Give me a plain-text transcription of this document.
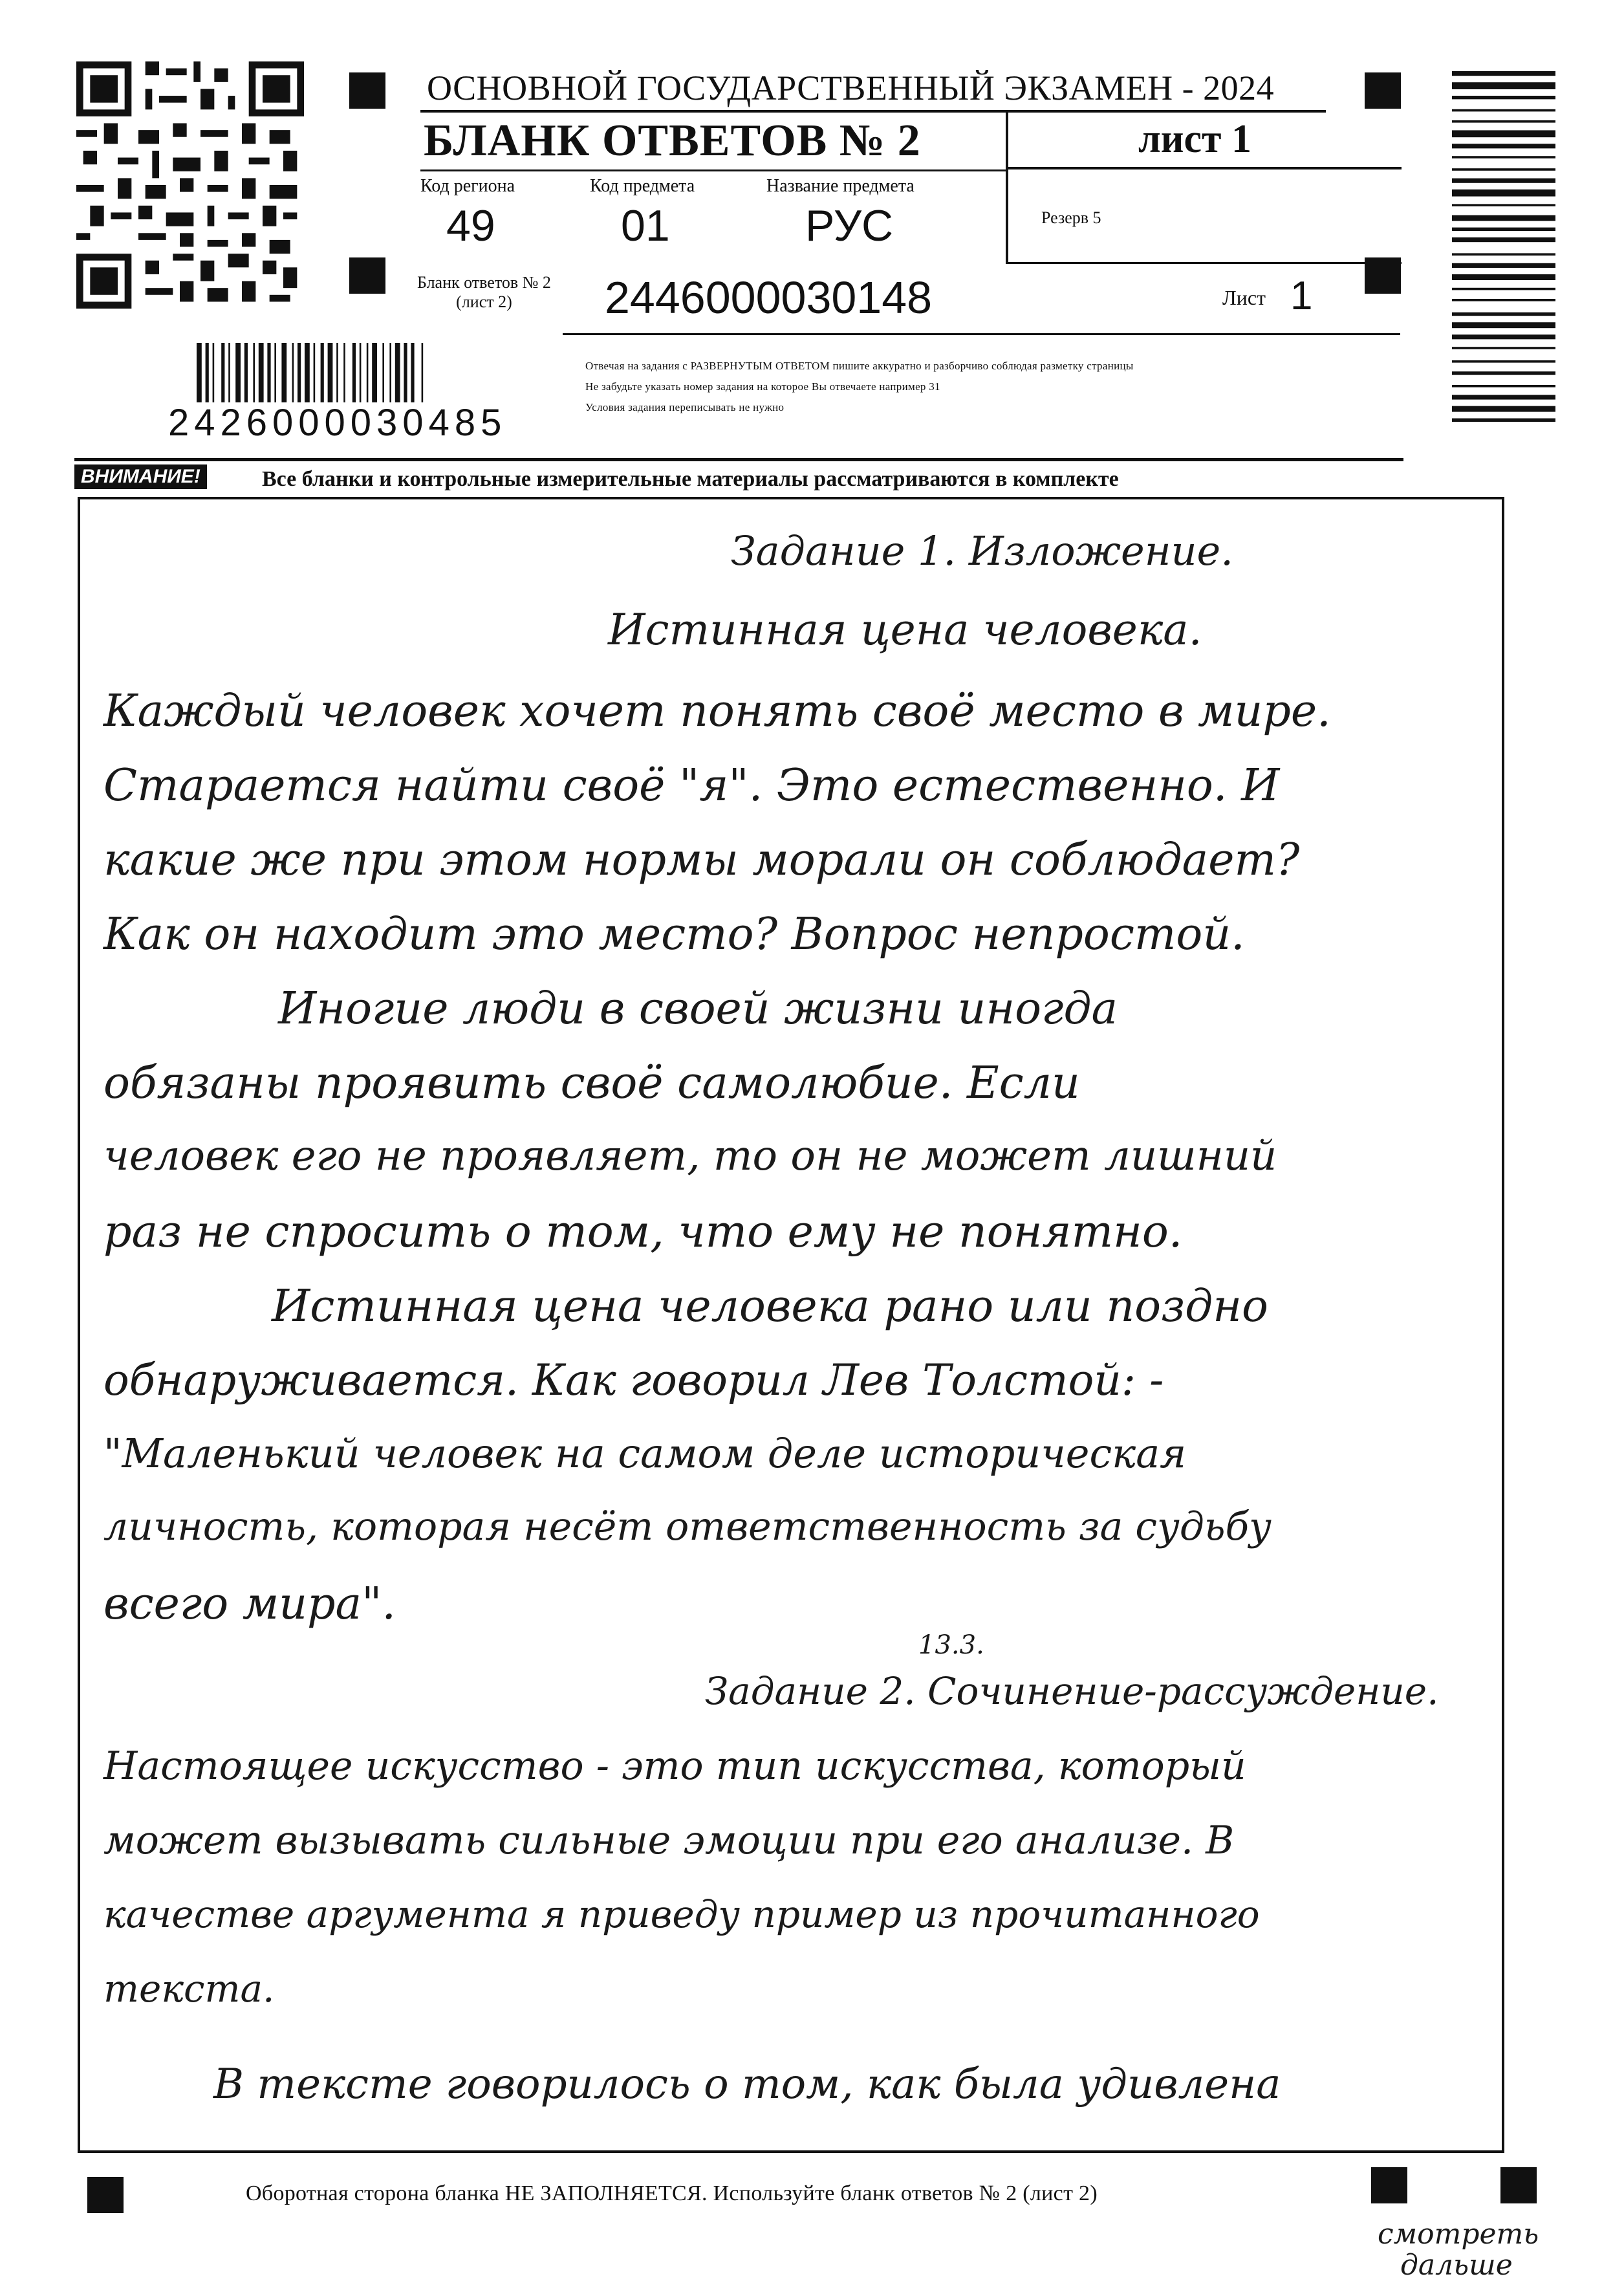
ОСНОВНОЙ ГОСУДАРСТВЕННЫЙ ЭКЗАМЕН - 2024
БЛАНК ОТВЕТОВ № 2	лист 1
Код региона
49
Код предмета
01
Название предмета
РУС	Резерв 5
Бланк ответов № 2
(лист 2)	2446000030148	Лист 1
Отвечая на задания с РАЗВЕРНУТЫМ ОТВЕТОМ пишите аккуратно и разборчиво соблюдая разметку страницы
Не забудьте указать номер задания на которое Вы отвечаете например 31
Условия задания переписывать не нужно
2426000030485
ВНИМАНИЕ!	Все бланки и контрольные измерительные материалы рассматриваются в комплекте
Задание 1. Изложение.
Истинная цена человека.
Каждый человек хочет понять своё место в мире.
Старается найти своё "я". Это естественно. И
какие же при этом нормы морали он соблюдает?
Как он находит это место? Вопрос непростой.
Иногие люди в своей жизни иногда
обязаны проявить своё самолюбие. Если
человек его не проявляет, то он не может лишний
раз не спросить о том, что ему не понятно.
Истинная цена человека рано или поздно
обнаруживается. Как говорил Лев Толстой: -
"Маленький человек на самом деле историческая
личность, которая несёт ответственность за судьбу
всего мира".
13.3.
Задание 2. Сочинение-рассуждение.
Настоящее искусство - это тип искусства, который
может вызывать сильные эмоции при его анализе. В
качестве аргумента я приведу пример из прочитанного
текста.
В тексте говорилось о том, как была удивлена
Оборотная сторона бланка НЕ ЗАПОЛНЯЕТСЯ. Используйте бланк ответов № 2 (лист 2)
смотреть
дальше
